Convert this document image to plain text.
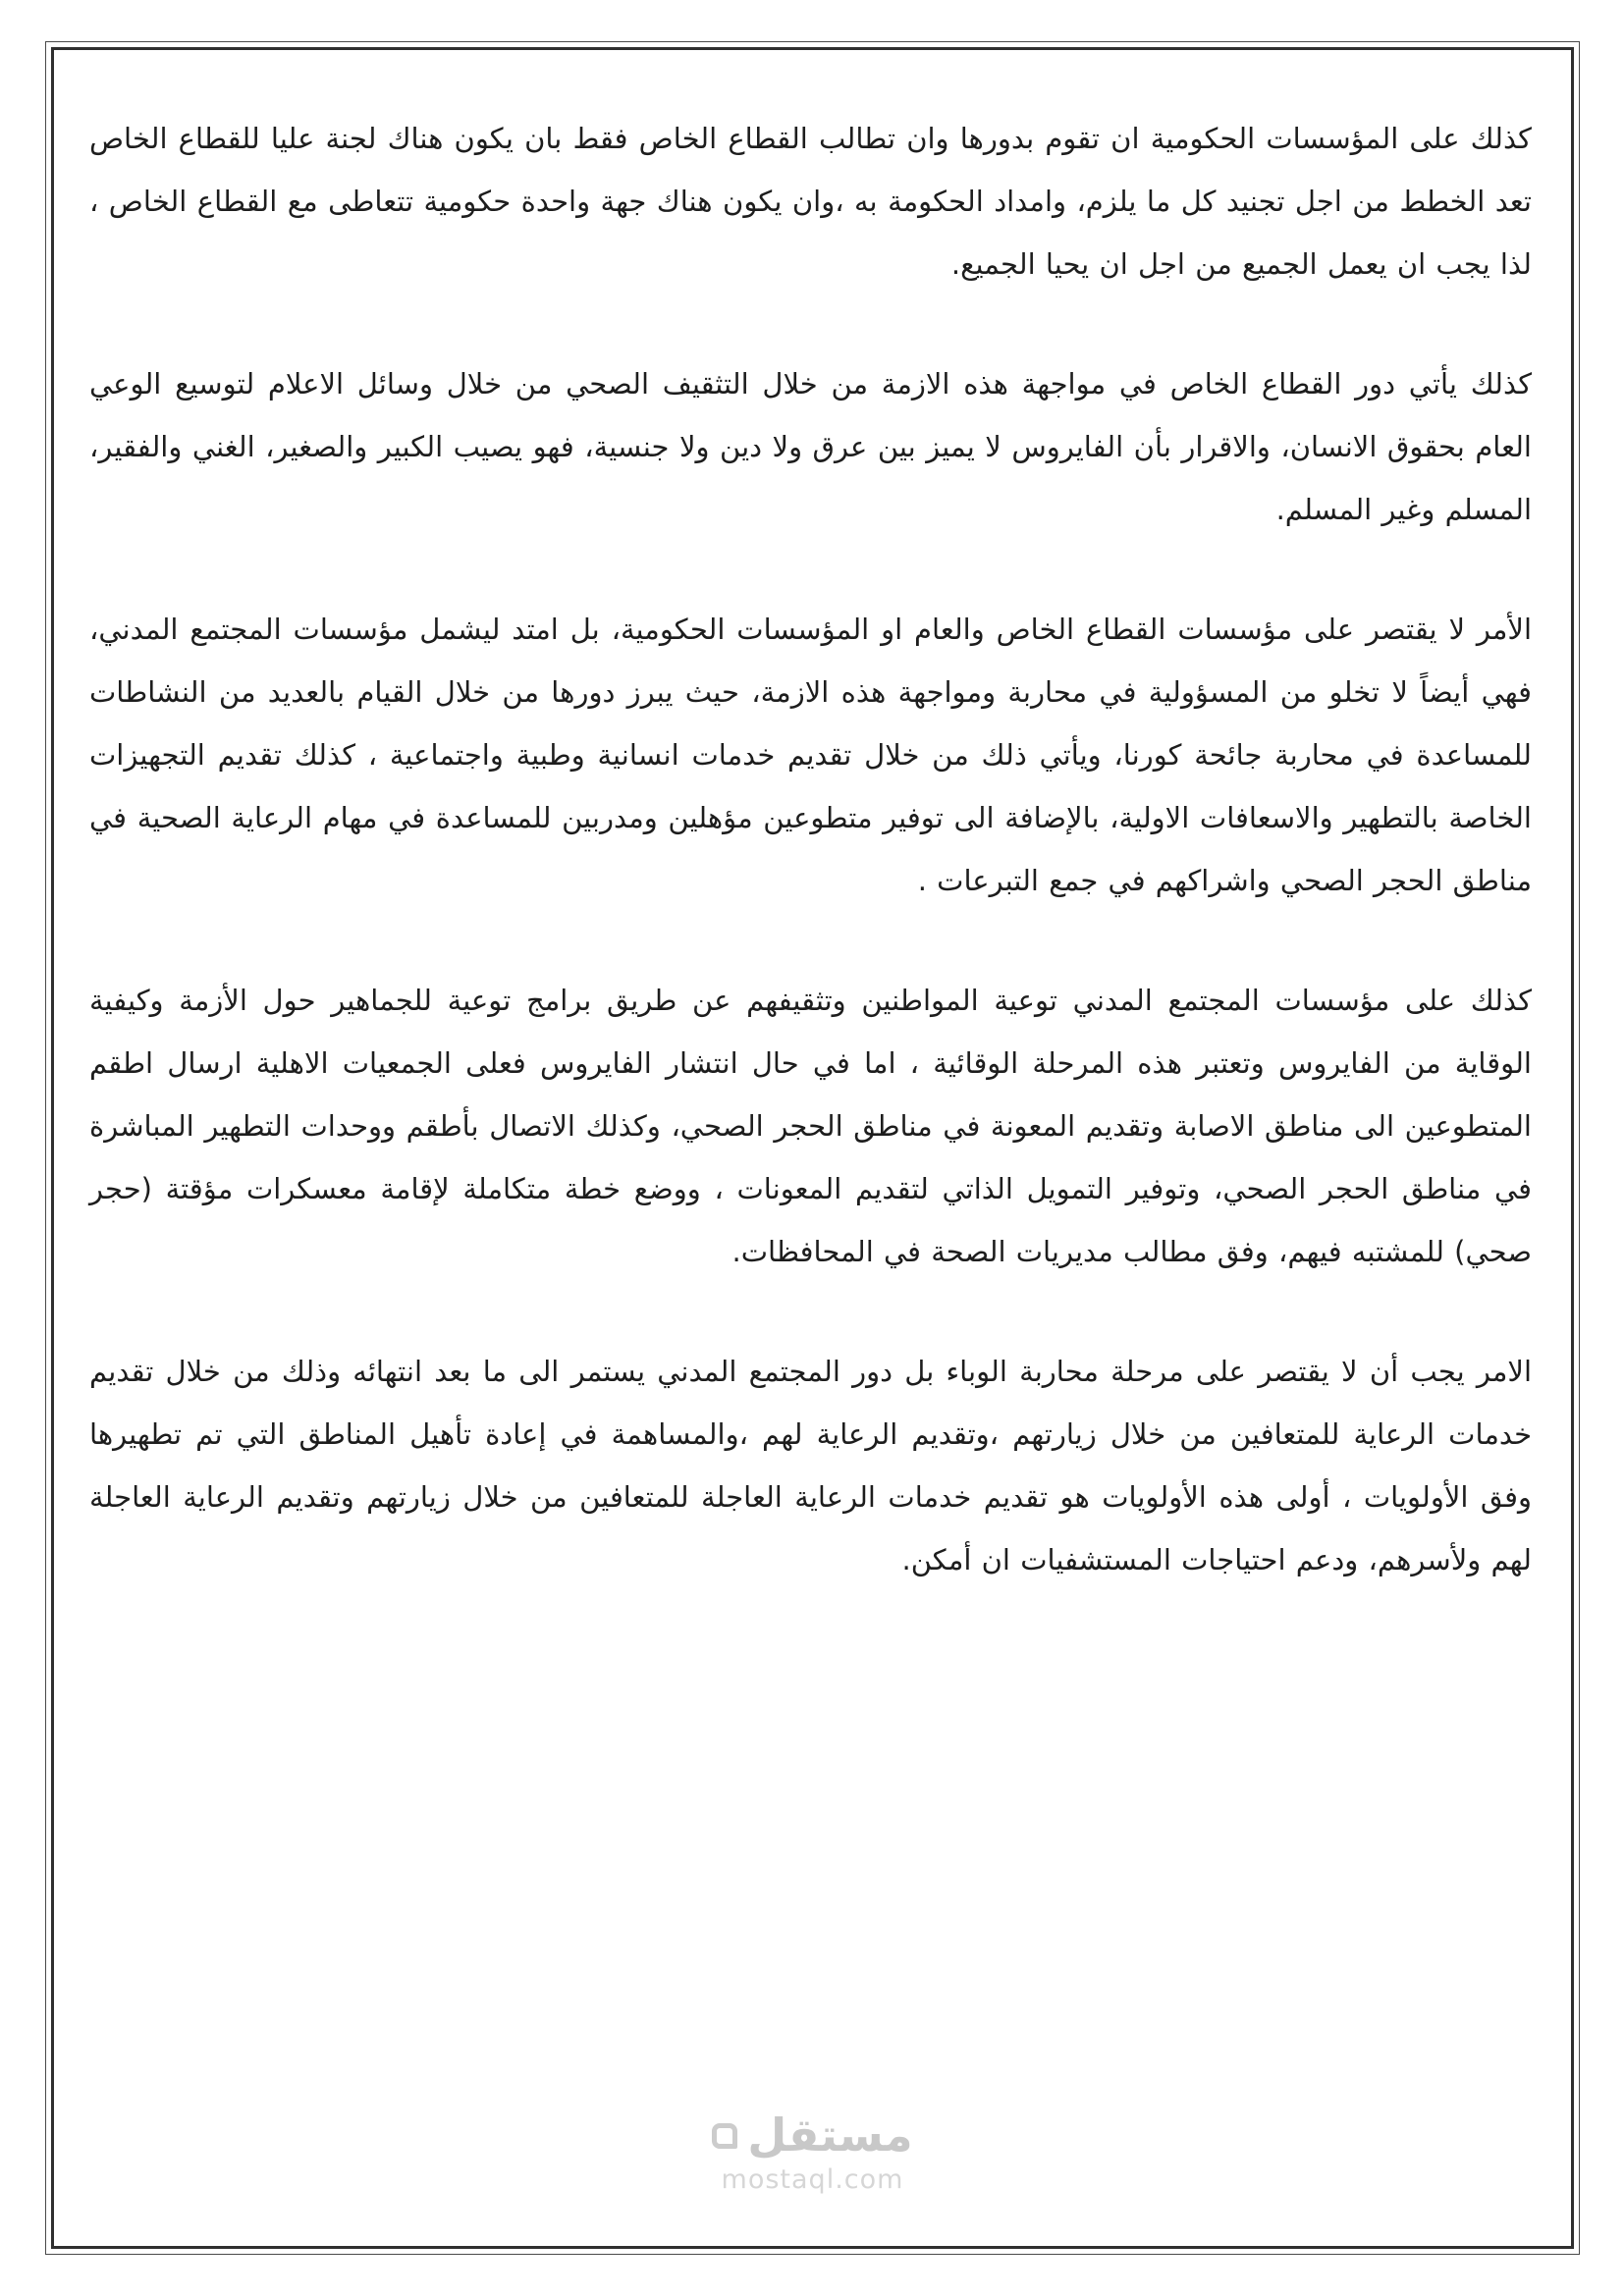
كذلك على المؤسسات الحكومية ان تقوم بدورها وان تطالب القطاع الخاص فقط بان يكون هناك لجنة عليا للقطاع الخاص تعد الخطط من اجل تجنيد كل ما يلزم، وامداد الحكومة به ،وان يكون هناك جهة واحدة حكومية تتعاطى مع القطاع الخاص ، لذا يجب ان يعمل الجميع من اجل ان يحيا الجميع.

كذلك يأتي دور القطاع الخاص في مواجهة هذه الازمة من خلال التثقيف الصحي من خلال وسائل الاعلام لتوسيع الوعي العام بحقوق الانسان، والاقرار بأن الفايروس لا يميز بين عرق ولا دين ولا جنسية، فهو يصيب الكبير والصغير، الغني والفقير، المسلم وغير المسلم.

الأمر لا يقتصر على مؤسسات القطاع الخاص والعام او المؤسسات الحكومية، بل امتد ليشمل مؤسسات المجتمع المدني، فهي أيضاً لا تخلو من المسؤولية في محاربة ومواجهة هذه الازمة، حيث يبرز دورها من خلال القيام بالعديد من النشاطات للمساعدة في محاربة جائحة كورنا، ويأتي ذلك من خلال تقديم خدمات انسانية وطبية واجتماعية ، كذلك تقديم التجهيزات الخاصة بالتطهير والاسعافات الاولية، بالإضافة الى توفير متطوعين مؤهلين ومدربين للمساعدة في مهام الرعاية الصحية في مناطق الحجر الصحي واشراكهم في جمع التبرعات .

كذلك على مؤسسات المجتمع المدني توعية المواطنين وتثقيفهم عن طريق برامج توعية للجماهير حول الأزمة وكيفية الوقاية من الفايروس وتعتبر هذه المرحلة الوقائية ، اما في حال انتشار الفايروس فعلى الجمعيات الاهلية ارسال اطقم المتطوعين الى مناطق الاصابة وتقديم المعونة في مناطق الحجر الصحي، وكذلك الاتصال بأطقم ووحدات التطهير المباشرة في مناطق الحجر الصحي، وتوفير التمويل الذاتي لتقديم المعونات ، ووضع خطة متكاملة لإقامة معسكرات مؤقتة (حجر صحي) للمشتبه فيهم، وفق مطالب مديريات الصحة في المحافظات.

الامر يجب أن لا يقتصر على مرحلة محاربة الوباء بل دور المجتمع المدني يستمر الى ما بعد انتهائه وذلك من خلال تقديم خدمات الرعاية للمتعافين من خلال زيارتهم ،وتقديم الرعاية لهم ،والمساهمة في إعادة تأهيل المناطق التي تم تطهيرها وفق الأولويات ، أولى هذه الأولويات هو تقديم خدمات الرعاية العاجلة للمتعافين من خلال زيارتهم وتقديم الرعاية العاجلة لهم ولأسرهم، ودعم احتياجات المستشفيات ان أمكن.

مستقل
mostaql.com
